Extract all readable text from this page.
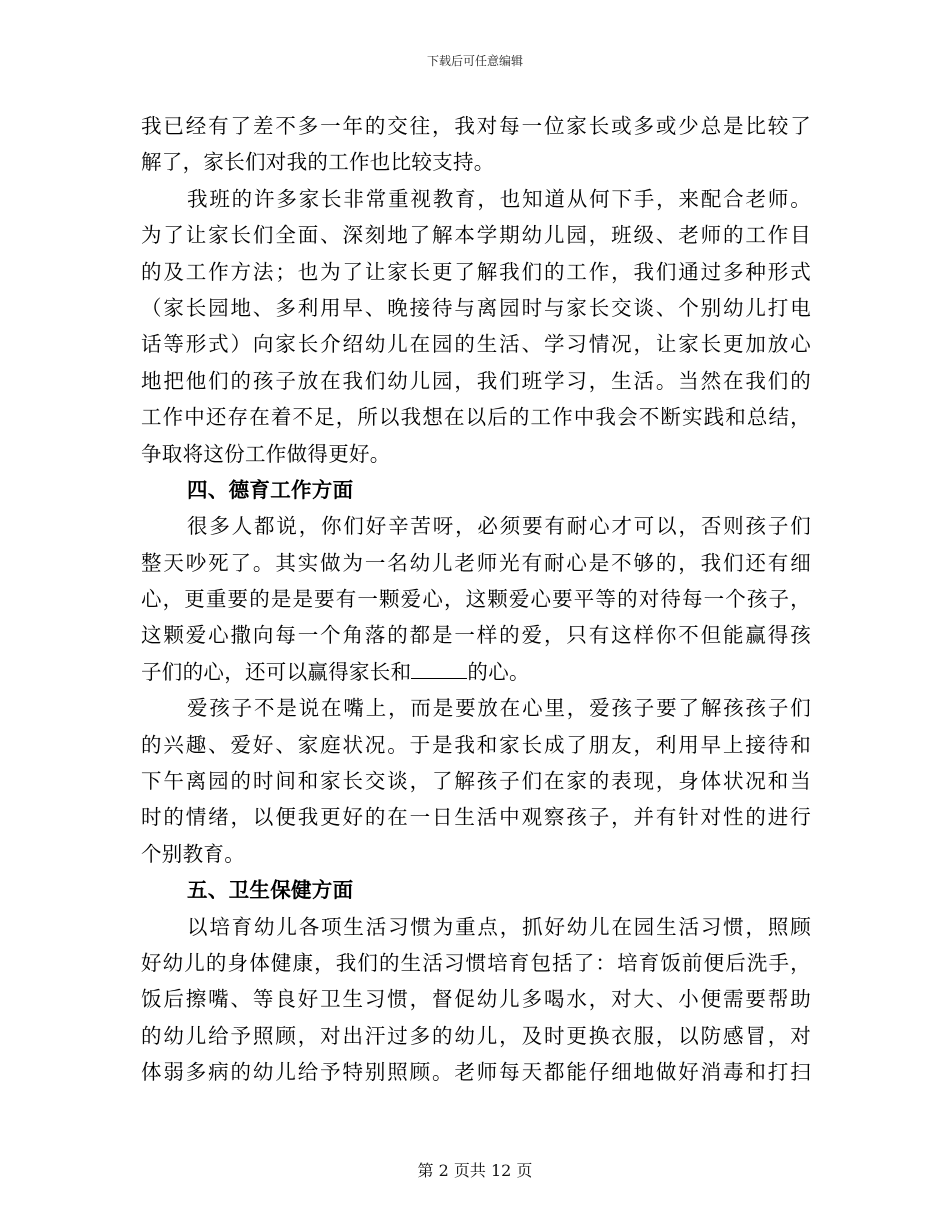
下载后可任意编辑
我已经有了差不多一年的交往，我对每一位家长或多或少总是比较了
解了，家长们对我的工作也比较支持。
我班的许多家长非常重视教育，也知道从何下手，来配合老师。
为了让家长们全面、深刻地了解本学期幼儿园，班级、老师的工作目
的及工作方法；也为了让家长更了解我们的工作，我们通过多种形式
（家长园地、多利用早、晚接待与离园时与家长交谈、个别幼儿打电
话等形式）向家长介绍幼儿在园的生活、学习情况，让家长更加放心
地把他们的孩子放在我们幼儿园，我们班学习，生活。当然在我们的
工作中还存在着不足，所以我想在以后的工作中我会不断实践和总结，
争取将这份工作做得更好。
四、德育工作方面
很多人都说，你们好辛苦呀，必须要有耐心才可以，否则孩子们
整天吵死了。其实做为一名幼儿老师光有耐心是不够的，我们还有细
心，更重要的是是要有一颗爱心，这颗爱心要平等的对待每一个孩子，
这颗爱心撒向每一个角落的都是一样的爱，只有这样你不但能赢得孩
子们的心，还可以赢得家长和	的心。
爱孩子不是说在嘴上，而是要放在心里，爱孩子要了解孩孩子们
的兴趣、爱好、家庭状况。于是我和家长成了朋友，利用早上接待和
下午离园的时间和家长交谈，了解孩子们在家的表现，身体状况和当
时的情绪，以便我更好的在一日生活中观察孩子，并有针对性的进行
个别教育。
五、卫生保健方面
以培育幼儿各项生活习惯为重点，抓好幼儿在园生活习惯，照顾
好幼儿的身体健康，我们的生活习惯培育包括了：培育饭前便后洗手，
饭后擦嘴、等良好卫生习惯，督促幼儿多喝水，对大、小便需要帮助
的幼儿给予照顾，对出汗过多的幼儿，及时更换衣服，以防感冒，对
体弱多病的幼儿给予特别照顾。老师每天都能仔细地做好消毒和打扫
第 2 页共 12 页
